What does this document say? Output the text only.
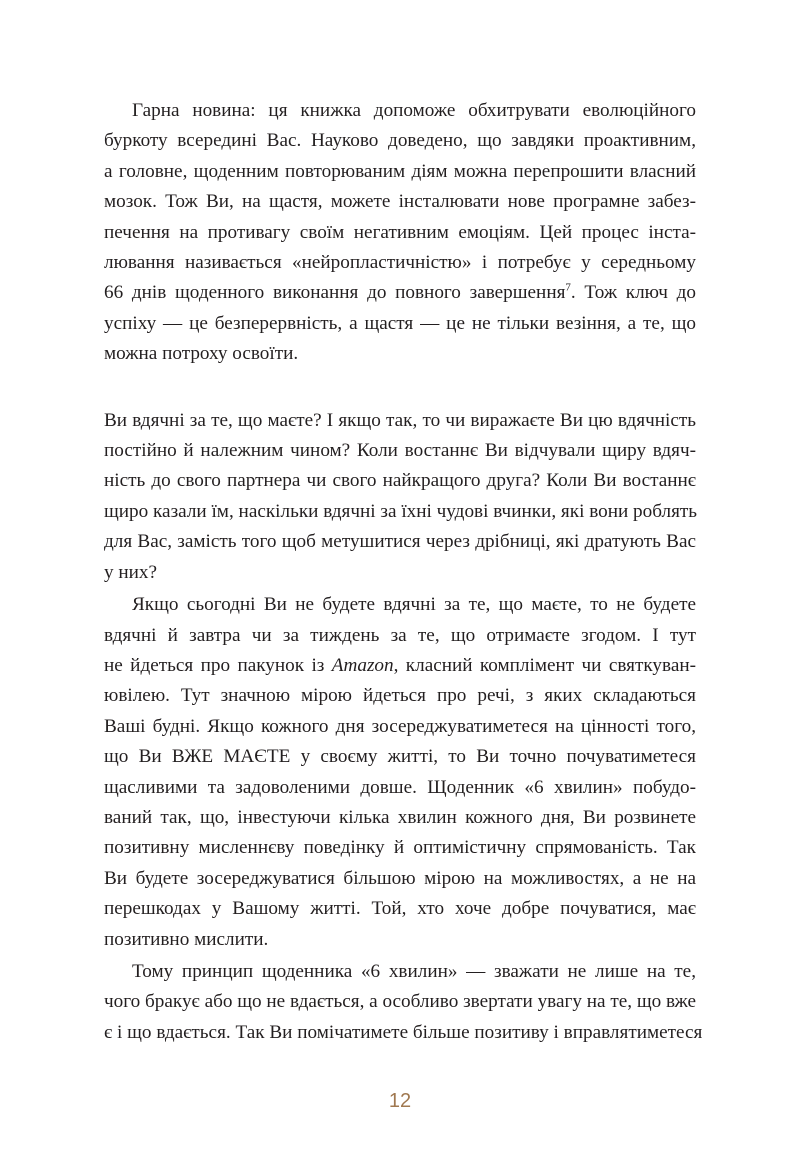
Гарна новина: ця книжка допоможе обхитрувати еволюційного
буркоту всередині Вас. Науково доведено, що завдяки проактивним,
а головне, щоденним повторюваним діям можна перепрошити власний
мозок. Тож Ви, на щастя, можете інсталювати нове програмне забез-
печення на противагу своїм негативним емоціям. Цей процес інста-
лювання називається «нейропластичністю» і потребує у середньому
66 днів щоденного виконання до повного завершення$^7$. Тож ключ до
успіху — це безперервність, а щастя — це не тільки везіння, а те, що
можна потроху освоїти.

Ви вдячні за те, що маєте? І якщо так, то чи виражаєте Ви цю вдячність
постійно й належним чином? Коли востаннє Ви відчували щиру вдяч-
ність до свого партнера чи свого найкращого друга? Коли Ви востаннє
щиро казали їм, наскільки вдячні за їхні чудові вчинки, які вони роблять
для Вас, замість того щоб метушитися через дрібниці, які дратують Вас
у них?

Якщо сьогодні Ви не будете вдячні за те, що маєте, то не будете
вдячні й завтра чи за тиждень за те, що отримаєте згодом. І тут
не йдеться про пакунок із Amazon, класний комплімент чи святкуван-
ювілею. Тут значною мірою йдеться про речі, з яких складаються
Ваші будні. Якщо кожного дня зосереджуватиметеся на цінності того,
що Ви ВЖЕ МАЄТЕ у своєму житті, то Ви точно почуватиметеся
щасливими та задоволеними довше. Щоденник «6 хвилин» побудо-
ваний так, що, інвестуючи кілька хвилин кожного дня, Ви розвинете
позитивну мисленнєву поведінку й оптимістичну спрямованість. Так
Ви будете зосереджуватися більшою мірою на можливостях, а не на
перешкодах у Вашому житті. Той, хто хоче добре почуватися, має
позитивно мислити.

Тому принцип щоденника «6 хвилин» — зважати не лише на те,
чого бракує або що не вдається, а особливо звертати увагу на те, що вже
є і що вдається. Так Ви помічатимете більше позитиву і вправлятиметеся

12
